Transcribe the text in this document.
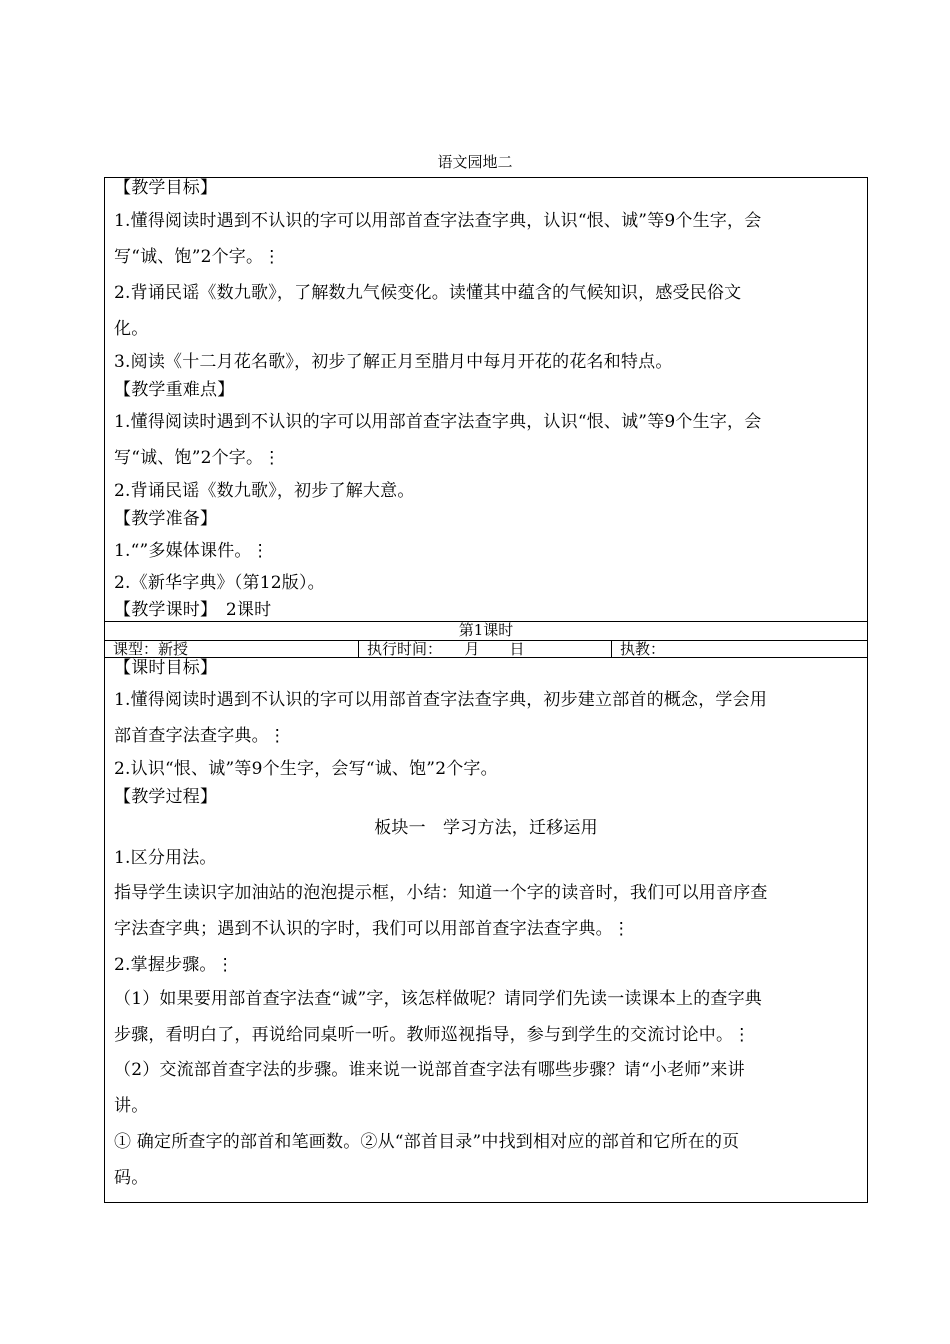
语文园地二
【教学目标】
1.懂得阅读时遇到不认识的字可以用部首查字法查字典，认识“恨、诚”等9个生字，会
写“诚、饱”2个字。⋮
2.背诵民谣《数九歌》，了解数九气候变化。读懂其中蕴含的气候知识，感受民俗文
化。
3.阅读《十二月花名歌》，初步了解正月至腊月中每月开花的花名和特点。
【教学重难点】
1.懂得阅读时遇到不认识的字可以用部首查字法查字典，认识“恨、诚”等9个生字，会
写“诚、饱”2个字。⋮
2.背诵民谣《数九歌》，初步了解大意。
【教学准备】
1.“”多媒体课件。⋮
2.《新华字典》（第12版）。
【教学课时】　2课时
第1课时
课型：新授	执行时间：　　月　　日	执教：
【课时目标】
1.懂得阅读时遇到不认识的字可以用部首查字法查字典，初步建立部首的概念，学会用
部首查字法查字典。⋮
2.认识“恨、诚”等9个生字，会写“诚、饱”2个字。
【教学过程】
板块一　学习方法，迁移运用
1.区分用法。
指导学生读识字加油站的泡泡提示框，小结：知道一个字的读音时，我们可以用音序查
字法查字典；遇到不认识的字时，我们可以用部首查字法查字典。⋮
2.掌握步骤。⋮
（1）如果要用部首查字法查“诚”字，该怎样做呢？请同学们先读一读课本上的查字典
步骤，看明白了，再说给同桌听一听。教师巡视指导，参与到学生的交流讨论中。⋮
（2）交流部首查字法的步骤。谁来说一说部首查字法有哪些步骤？请“小老师”来讲
讲。
① 确定所查字的部首和笔画数。②从“部首目录”中找到相对应的部首和它所在的页
码。
